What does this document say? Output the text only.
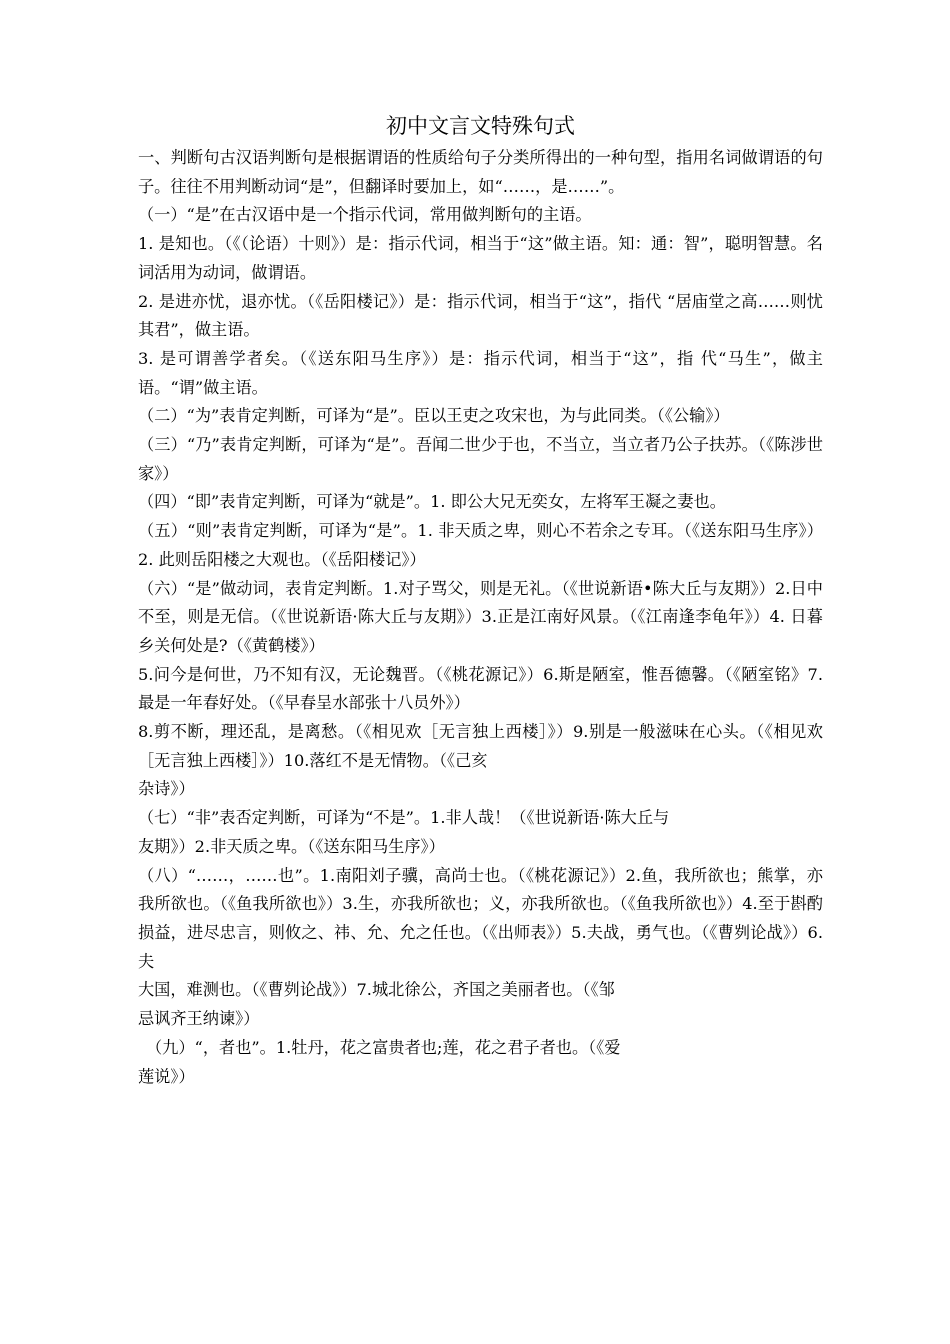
初中文言文特殊句式

一、判断句古汉语判断句是根据谓语的性质给句子分类所得出的一种句型，指用名词做谓语的句子。往往不用判断动词“是”，但翻译时要加上，如“……，是……”。

（一）“是”在古汉语中是一个指示代词，常用做判断句的主语。

1. 是知也。（《（论语）十则》）是：指示代词，相当于“这”做主语。知：通：智”，聪明智慧。名词活用为动词，做谓语。

2. 是进亦忧，退亦忧。（《岳阳楼记》）是：指示代词，相当于“这”，指代 “居庙堂之高……则忧其君”，做主语。

3. 是可谓善学者矣。（《送东阳马生序》）是：指示代词，相当于“这”，指 代“马生”，做主语。“谓”做主语。

（二）“为”表肯定判断，可译为“是”。臣以王吏之攻宋也，为与此同类。（《公输》）

（三）“乃”表肯定判断，可译为“是”。吾闻二世少于也，不当立，当立者乃公子扶苏。（《陈涉世家》）

（四）“即”表肯定判断，可译为“就是”。1. 即公大兄无奕女，左将军王凝之妻也。

（五）“则”表肯定判断，可译为“是”。1. 非天质之卑，则心不若余之专耳。（《送东阳马生序》）2. 此则岳阳楼之大观也。（《岳阳楼记》）

（六）“是”做动词，表肯定判断。1.对子骂父，则是无礼。（《世说新语•陈大丘与友期》）2.日中不至，则是无信。（《世说新语·陈大丘与友期》）3.正是江南好风景。（《江南逢李龟年》）4. 日暮乡关何处是?（《黄鹤楼》）

5.问今是何世，乃不知有汉，无论魏晋。（《桃花源记》）6.斯是陋室，惟吾德馨。（《陋室铭》7.最是一年春好处。（《早春呈水部张十八员外》）

8.剪不断，理还乱，是离愁。（《相见欢［无言独上西楼］》）9.别是一般滋味在心头。（《相见欢［无言独上西楼］》）10.落红不是无情物。（《己亥

杂诗》）

（七）“非”表否定判断，可译为“不是”。1.非人哉！（《世说新语·陈大丘与

友期》）2.非天质之卑。（《送东阳马生序》）

（八）“……，……也”。1.南阳刘子骥，高尚士也。（《桃花源记》）2.鱼，我所欲也；熊掌，亦我所欲也。（《鱼我所欲也》）3.生，亦我所欲也；义，亦我所欲也。（《鱼我所欲也》）4.至于斟酌损益，进尽忠言，则攸之、祎、允、允之任也。（《出师表》）5.夫战，勇气也。（《曹刿论战》）6.夫

大国，难测也。（《曹刿论战》）7.城北徐公，齐国之美丽者也。（《邹

忌讽齐王纳谏》）

（九）“，者也”。1.牡丹，花之富贵者也;莲，花之君子者也。（《爱

莲说》）
